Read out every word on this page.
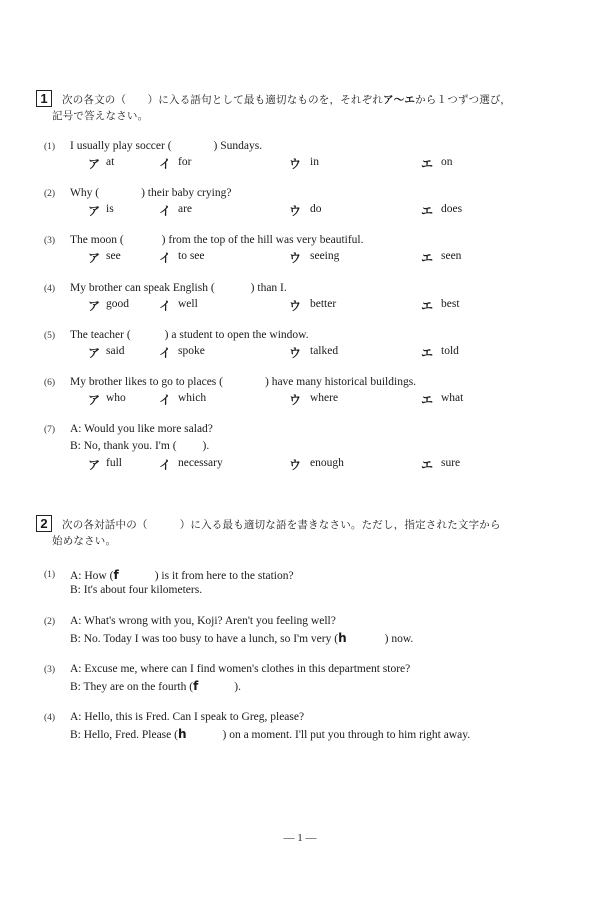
1	次の各文の（　　）に入る語句として最も適切なものを，それぞれア～エから１つずつ選び，
記号で答えなさい。
(1) I usually play soccer (	) Sundays.
ア at	イ for	ウ in	エ on
(2) Why (	) their baby crying?
ア is	イ are	ウ do	エ does
(3) The moon (	) from the top of the hill was very beautiful.
ア see	イ to see	ウ seeing	エ seen
(4) My brother can speak English (	) than I.
ア good	イ well	ウ better	エ best
(5) The teacher (	) a student to open the window.
ア said	イ spoke	ウ talked	エ told
(6) My brother likes to go to places (	) have many historical buildings.
ア who	イ which	ウ where	エ what
(7) A: Would you like more salad?
B: No, thank you. I'm ( ).
ア full	イ necessary	ウ enough	エ sure
2	次の各対話中の（　　　）に入る最も適切な語を書きなさい。ただし，指定された文字から
始めなさい。
(1) A: How (f	) is it from here to the station?
B: It's about four kilometers.
(2) A: What's wrong with you, Koji? Aren't you feeling well?
B: No. Today I was too busy to have a lunch, so I'm very (h	) now.
(3) A: Excuse me, where can I find women's clothes in this department store?
B: They are on the fourth (f	).
(4) A: Hello, this is Fred. Can I speak to Greg, please?
B: Hello, Fred. Please (h	) on a moment. I'll put you through to him right away.
— 1 —
